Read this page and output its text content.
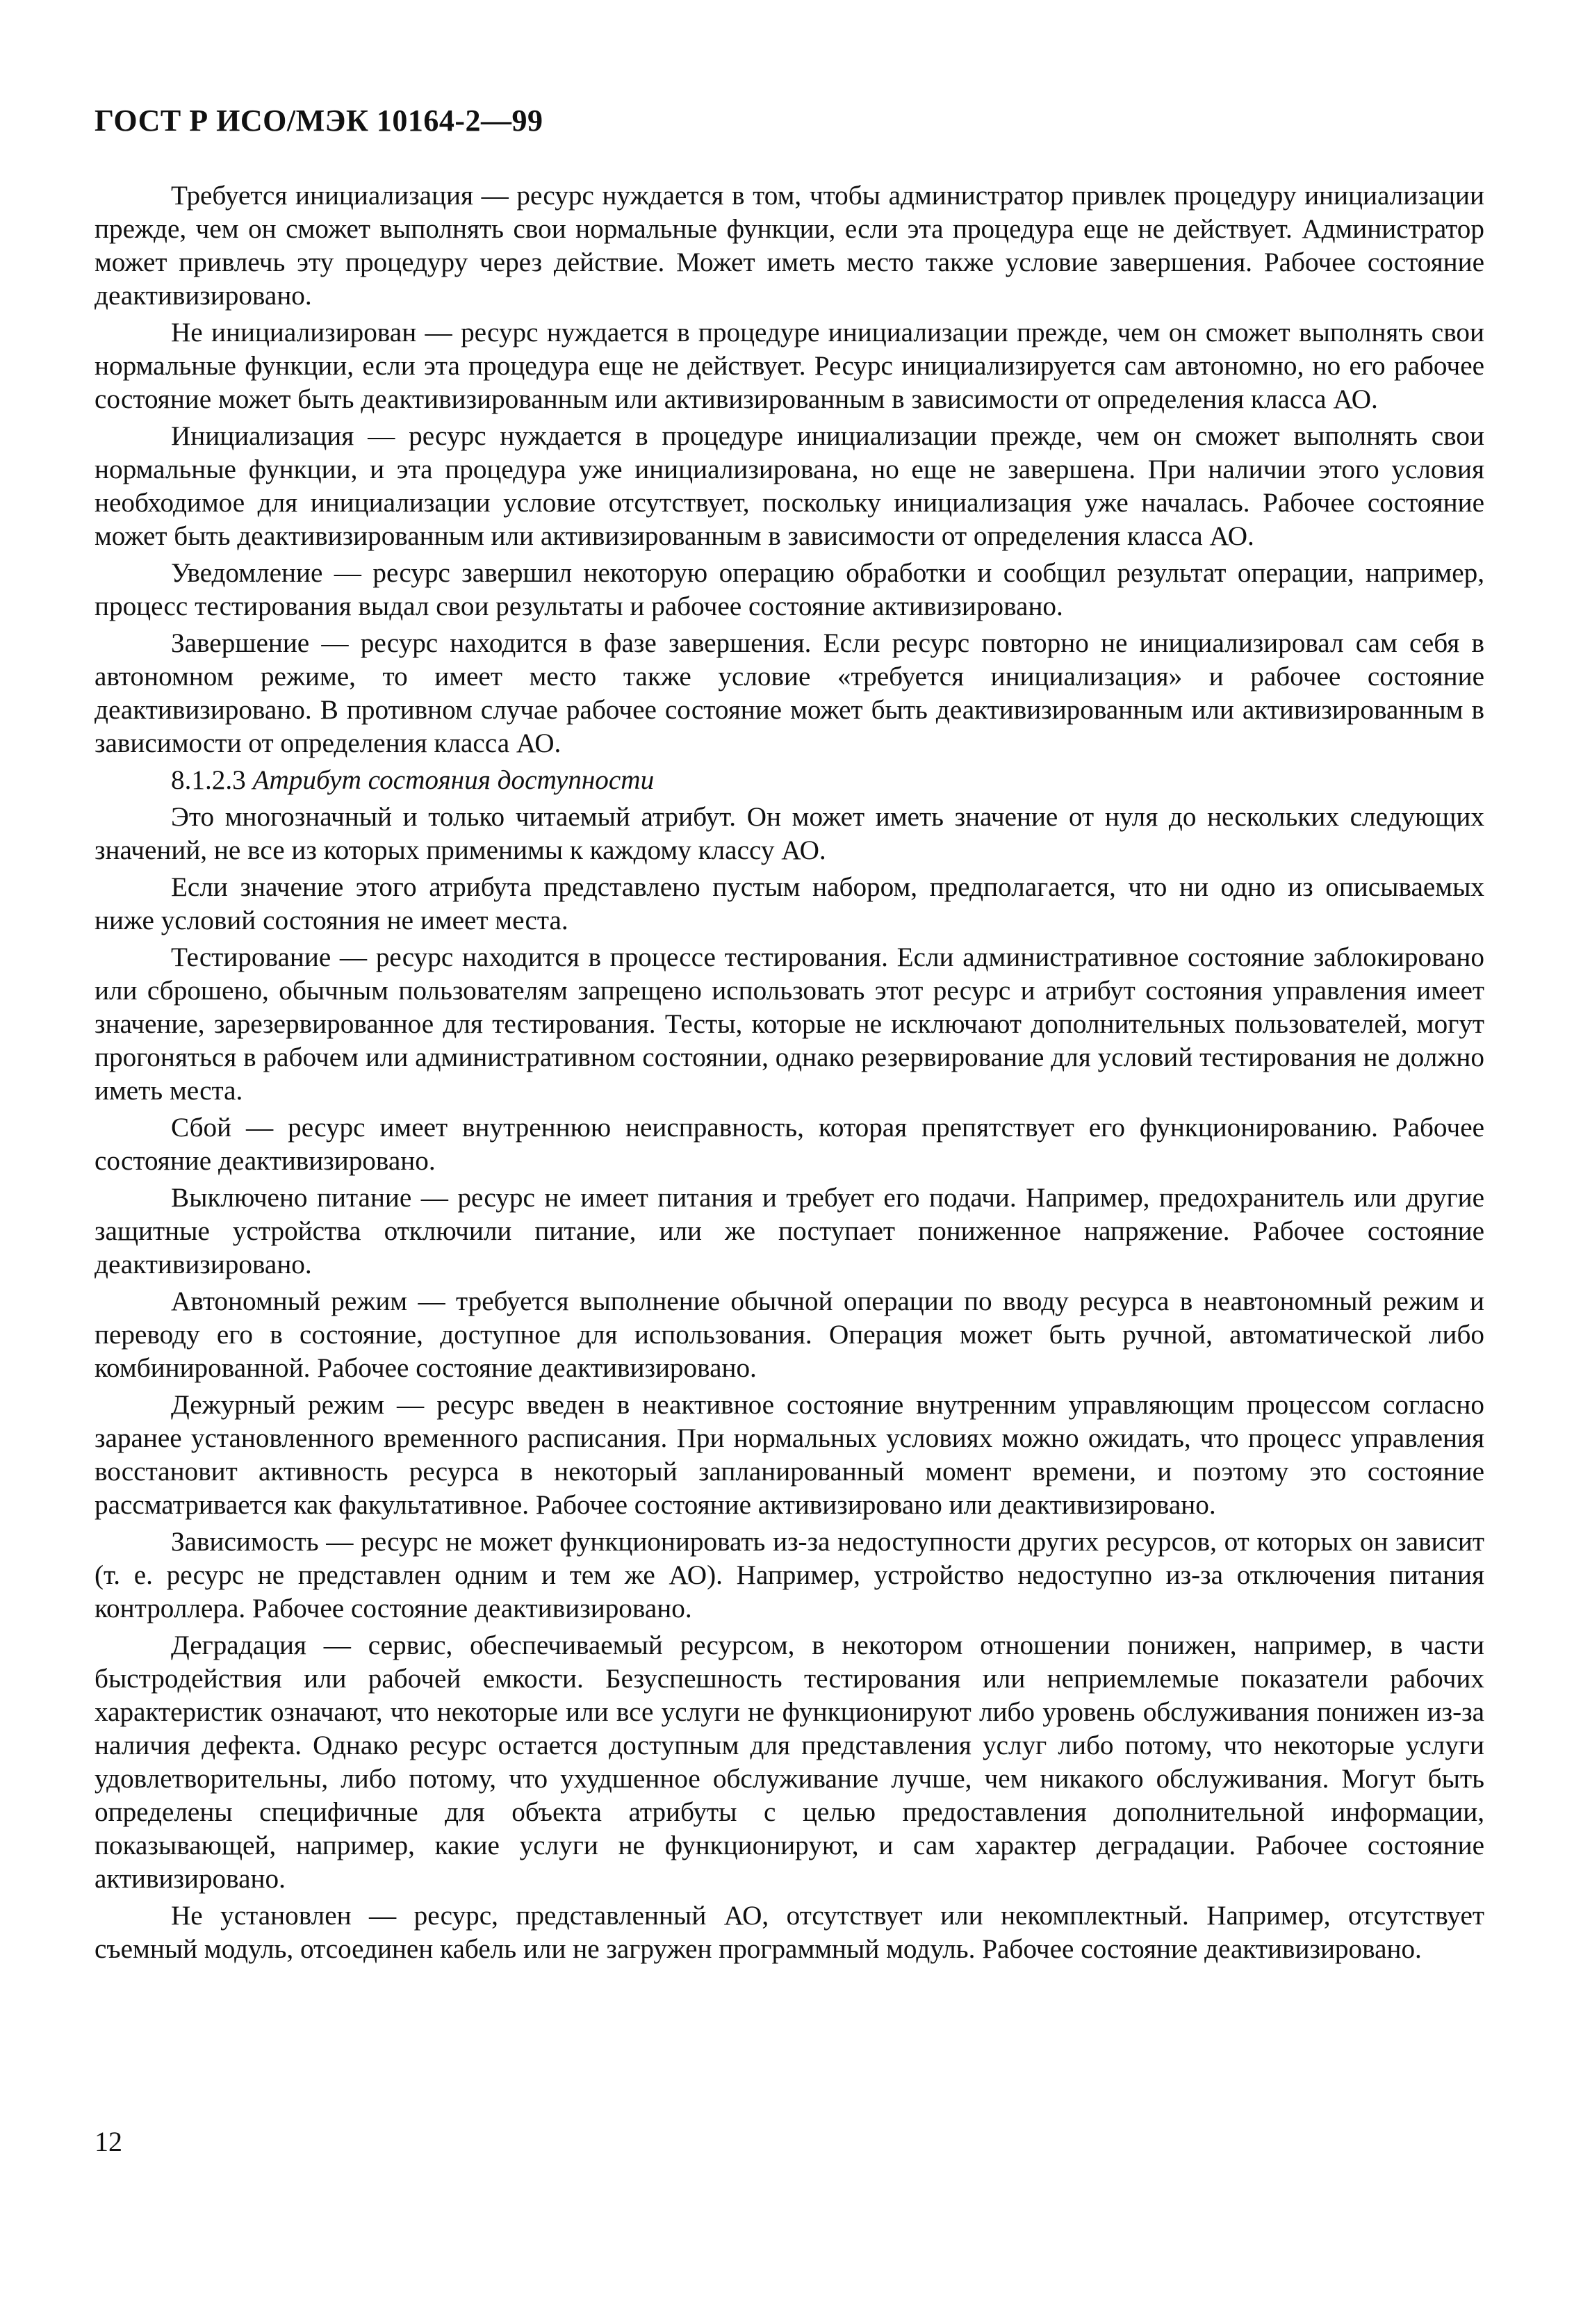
ГОСТ Р ИСО/МЭК 10164-2—99

Требуется инициализация — ресурс нуждается в том, чтобы администратор привлек процедуру инициализации прежде, чем он сможет выполнять свои нормальные функции, если эта процедура еще не действует. Администратор может привлечь эту процедуру через действие. Может иметь место также условие завершения. Рабочее состояние деактивизировано.

Не инициализирован — ресурс нуждается в процедуре инициализации прежде, чем он сможет выполнять свои нормальные функции, если эта процедура еще не действует. Ресурс инициализируется сам автономно, но его рабочее состояние может быть деактивизированным или активизированным в зависимости от определения класса АО.

Инициализация — ресурс нуждается в процедуре инициализации прежде, чем он сможет выполнять свои нормальные функции, и эта процедура уже инициализирована, но еще не завершена. При наличии этого условия необходимое для инициализации условие отсутствует, поскольку инициализация уже началась. Рабочее состояние может быть деактивизированным или активизированным в зависимости от определения класса АО.

Уведомление — ресурс завершил некоторую операцию обработки и сообщил результат операции, например, процесс тестирования выдал свои результаты и рабочее состояние активизировано.

Завершение — ресурс находится в фазе завершения. Если ресурс повторно не инициализировал сам себя в автономном режиме, то имеет место также условие «требуется инициализация» и рабочее состояние деактивизировано. В противном случае рабочее состояние может быть деактивизированным или активизированным в зависимости от определения класса АО.

8.1.2.3 Атрибут состояния доступности

Это многозначный и только читаемый атрибут. Он может иметь значение от нуля до нескольких следующих значений, не все из которых применимы к каждому классу АО.

Если значение этого атрибута представлено пустым набором, предполагается, что ни одно из описываемых ниже условий состояния не имеет места.

Тестирование — ресурс находится в процессе тестирования. Если административное состояние заблокировано или сброшено, обычным пользователям запрещено использовать этот ресурс и атрибут состояния управления имеет значение, зарезервированное для тестирования. Тесты, которые не исключают дополнительных пользователей, могут прогоняться в рабочем или административном состоянии, однако резервирование для условий тестирования не должно иметь места.

Сбой — ресурс имеет внутреннюю неисправность, которая препятствует его функционированию. Рабочее состояние деактивизировано.

Выключено питание — ресурс не имеет питания и требует его подачи. Например, предохранитель или другие защитные устройства отключили питание, или же поступает пониженное напряжение. Рабочее состояние деактивизировано.

Автономный режим — требуется выполнение обычной операции по вводу ресурса в неавтономный режим и переводу его в состояние, доступное для использования. Операция может быть ручной, автоматической либо комбинированной. Рабочее состояние деактивизировано.

Дежурный режим — ресурс введен в неактивное состояние внутренним управляющим процессом согласно заранее установленного временного расписания. При нормальных условиях можно ожидать, что процесс управления восстановит активность ресурса в некоторый запланированный момент времени, и поэтому это состояние рассматривается как факультативное. Рабочее состояние активизировано или деактивизировано.

Зависимость — ресурс не может функционировать из-за недоступности других ресурсов, от которых он зависит (т. е. ресурс не представлен одним и тем же АО). Например, устройство недоступно из-за отключения питания контроллера. Рабочее состояние деактивизировано.

Деградация — сервис, обеспечиваемый ресурсом, в некотором отношении понижен, например, в части быстродействия или рабочей емкости. Безуспешность тестирования или неприемлемые показатели рабочих характеристик означают, что некоторые или все услуги не функционируют либо уровень обслуживания понижен из-за наличия дефекта. Однако ресурс остается доступным для представления услуг либо потому, что некоторые услуги удовлетворительны, либо потому, что ухудшенное обслуживание лучше, чем никакого обслуживания. Могут быть определены специфичные для объекта атрибуты с целью предоставления дополнительной информации, показывающей, например, какие услуги не функционируют, и сам характер деградации. Рабочее состояние активизировано.

Не установлен — ресурс, представленный АО, отсутствует или некомплектный. Например, отсутствует съемный модуль, отсоединен кабель или не загружен программный модуль. Рабочее состояние деактивизировано.

12
